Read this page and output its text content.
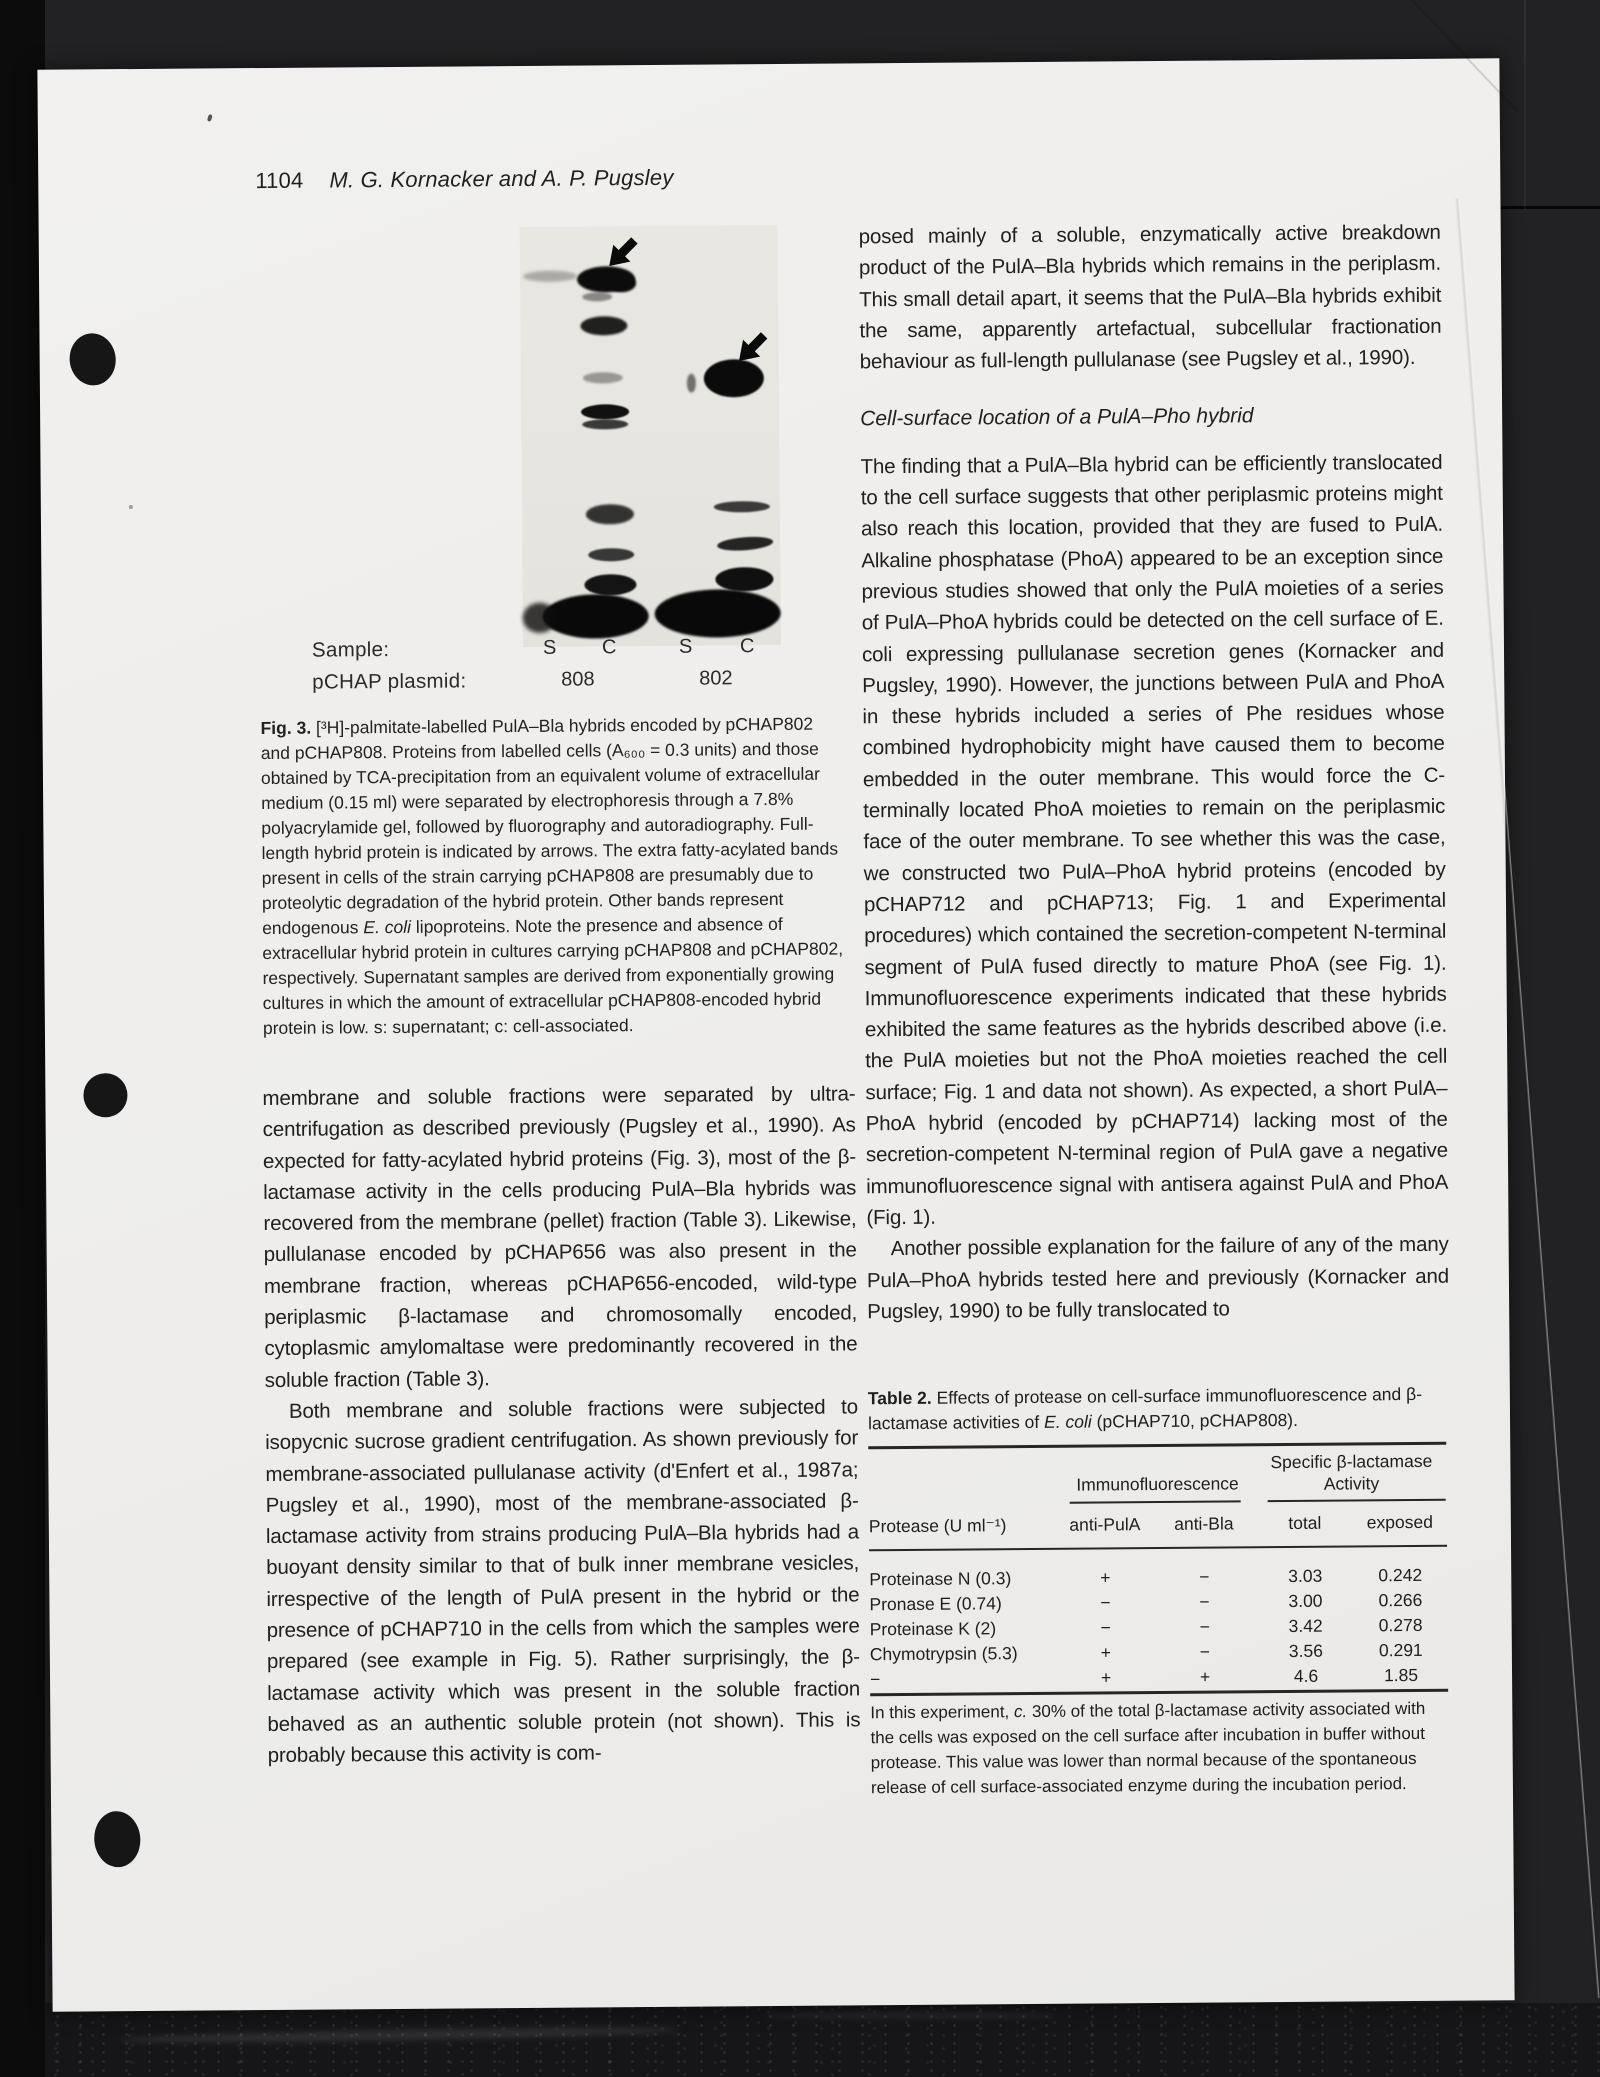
1104 M. G. Kornacker and A. P. Pugsley
Sample:	S C	S C
pCHAP plasmid:	808	802
Fig. 3. [³H]-palmitate-labelled PulA–Bla hybrids encoded by pCHAP802 and pCHAP808. Proteins from labelled cells (A₆₀₀ = 0.3 units) and those obtained by TCA-precipitation from an equivalent volume of extracellular medium (0.15 ml) were separated by electrophoresis through a 7.8% polyacrylamide gel, followed by fluorography and autoradiography. Full-length hybrid protein is indicated by arrows. The extra fatty-acylated bands present in cells of the strain carrying pCHAP808 are presumably due to proteolytic degradation of the hybrid protein. Other bands represent endogenous E. coli lipoproteins. Note the presence and absence of extracellular hybrid protein in cultures carrying pCHAP808 and pCHAP802, respectively. Supernatant samples are derived from exponentially growing cultures in which the amount of extracellular pCHAP808-encoded hybrid protein is low. s: supernatant; c: cell-associated.

membrane and soluble fractions were separated by ultra-centrifugation as described previously (Pugsley et al., 1990). As expected for fatty-acylated hybrid proteins (Fig. 3), most of the β-lactamase activity in the cells producing PulA–Bla hybrids was recovered from the membrane (pellet) fraction (Table 3). Likewise, pullulanase encoded by pCHAP656 was also present in the membrane fraction, whereas pCHAP656-encoded, wild-type periplasmic β-lactamase and chromosomally encoded, cytoplasmic amylomaltase were predominantly recovered in the soluble fraction (Table 3).

Both membrane and soluble fractions were subjected to isopycnic sucrose gradient centrifugation. As shown previously for membrane-associated pullulanase activity (d'Enfert et al., 1987a; Pugsley et al., 1990), most of the membrane-associated β-lactamase activity from strains producing PulA–Bla hybrids had a buoyant density similar to that of bulk inner membrane vesicles, irrespective of the length of PulA present in the hybrid or the presence of pCHAP710 in the cells from which the samples were prepared (see example in Fig. 5). Rather surprisingly, the β-lactamase activity which was present in the soluble fraction behaved as an authentic soluble protein (not shown). This is probably because this activity is com-

posed mainly of a soluble, enzymatically active breakdown product of the PulA–Bla hybrids which remains in the periplasm. This small detail apart, it seems that the PulA–Bla hybrids exhibit the same, apparently artefactual, subcellular fractionation behaviour as full-length pullulanase (see Pugsley et al., 1990).

Cell-surface location of a PulA–Pho hybrid

The finding that a PulA–Bla hybrid can be efficiently translocated to the cell surface suggests that other periplasmic proteins might also reach this location, provided that they are fused to PulA. Alkaline phosphatase (PhoA) appeared to be an exception since previous studies showed that only the PulA moieties of a series of PulA–PhoA hybrids could be detected on the cell surface of E. coli expressing pullulanase secretion genes (Kornacker and Pugsley, 1990). However, the junctions between PulA and PhoA in these hybrids included a series of Phe residues whose combined hydrophobicity might have caused them to become embedded in the outer membrane. This would force the C-terminally located PhoA moieties to remain on the periplasmic face of the outer membrane. To see whether this was the case, we constructed two PulA–PhoA hybrid proteins (encoded by pCHAP712 and pCHAP713; Fig. 1 and Experimental procedures) which contained the secretion-competent N-terminal segment of PulA fused directly to mature PhoA (see Fig. 1). Immunofluorescence experiments indicated that these hybrids exhibited the same features as the hybrids described above (i.e. the PulA moieties but not the PhoA moieties reached the cell surface; Fig. 1 and data not shown). As expected, a short PulA–PhoA hybrid (encoded by pCHAP714) lacking most of the secretion-competent N-terminal region of PulA gave a negative immunofluorescence signal with antisera against PulA and PhoA (Fig. 1).

Another possible explanation for the failure of any of the many PulA–PhoA hybrids tested here and previously (Kornacker and Pugsley, 1990) to be fully translocated to

Table 2. Effects of protease on cell-surface immunofluorescence and β-lactamase activities of E. coli (pCHAP710, pCHAP808).
Immunofluorescence
Specific β-lactamase
Activity
Protease (U ml⁻¹)	anti-PulA	anti-Bla	total	exposed
Proteinase N (0.3)	+	−	3.03	0.242
Pronase E (0.74)	−	−	3.00	0.266
Proteinase K (2)	−	−	3.42	0.278
Chymotrypsin (5.3)	+	−	3.56	0.291
−	+	+	4.6	1.85
In this experiment, c. 30% of the total β-lactamase activity associated with the cells was exposed on the cell surface after incubation in buffer without protease. This value was lower than normal because of the spontaneous release of cell surface-associated enzyme during the incubation period.
